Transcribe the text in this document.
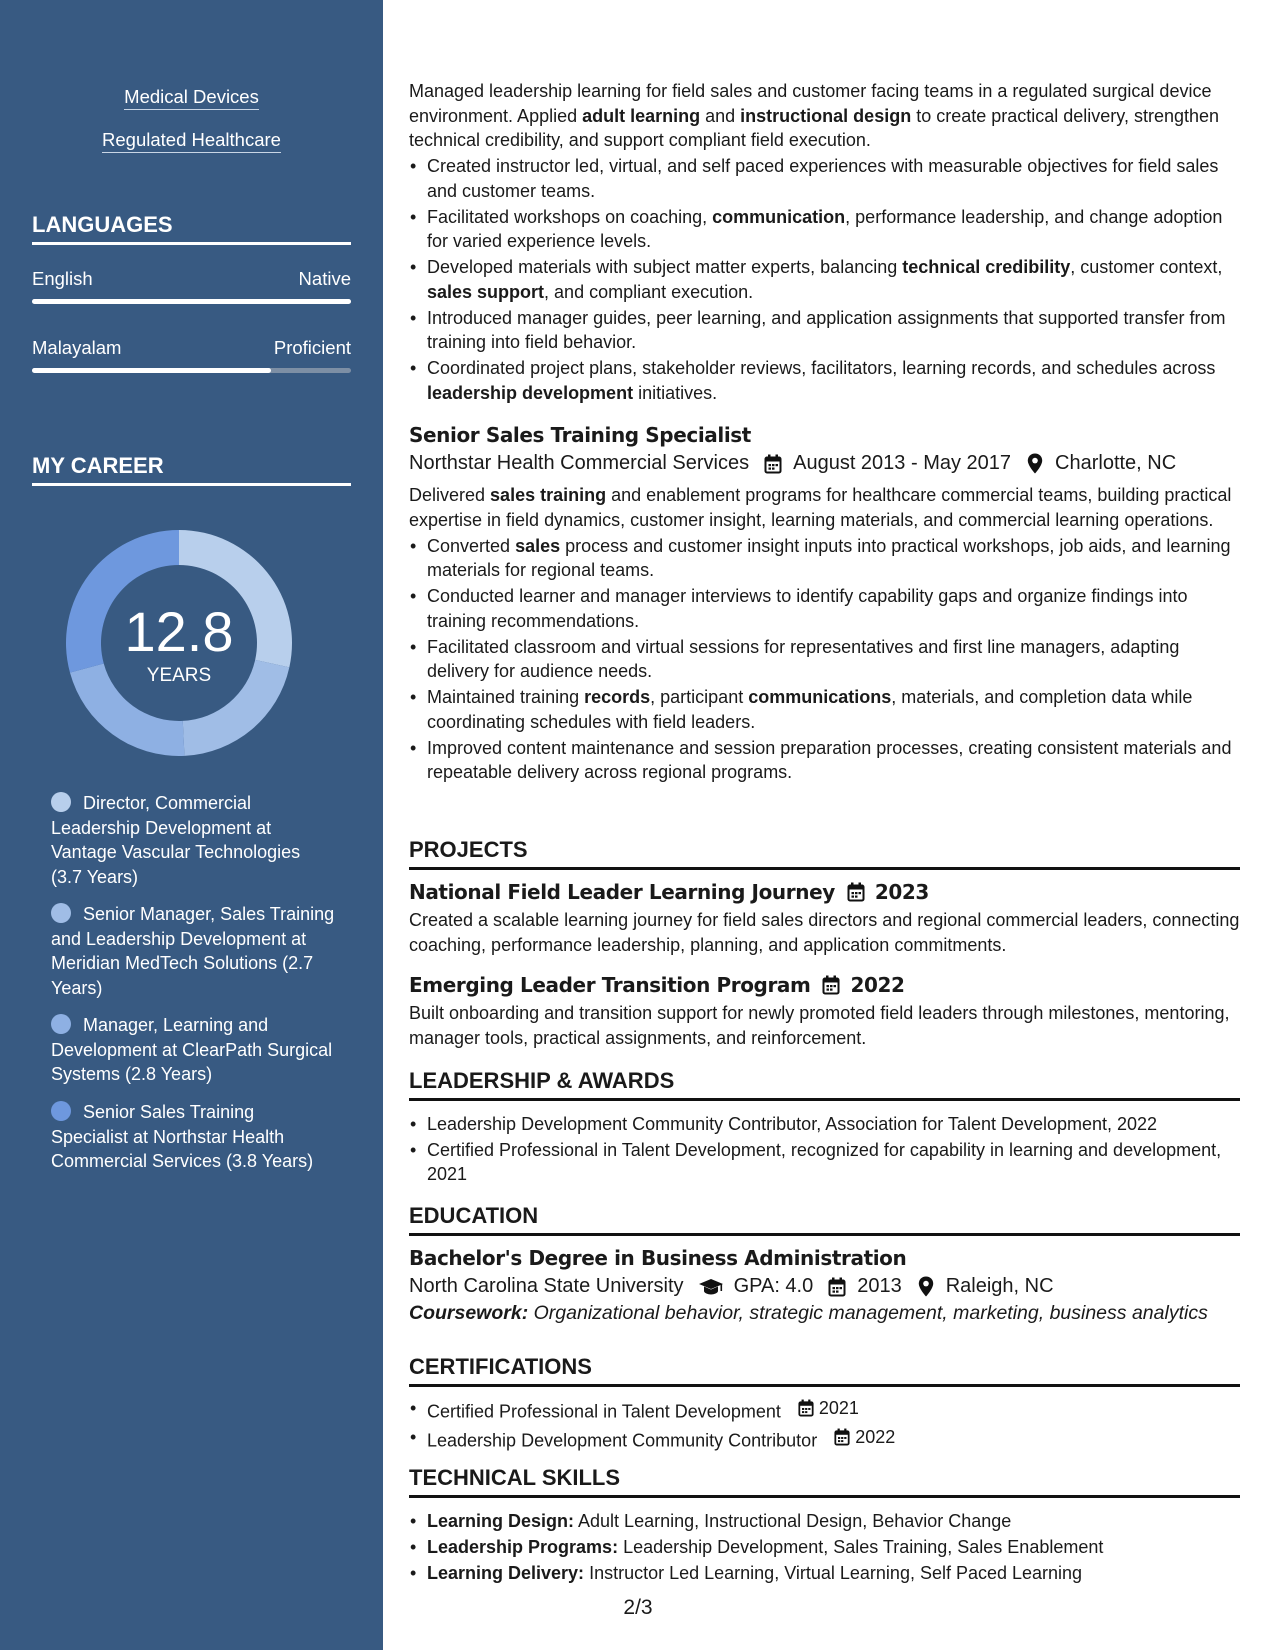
Medical Devices
Regulated Healthcare
LANGUAGES
English	Native
Malayalam	Proficient
MY CAREER
12.8
YEARS
Director, Commercial Leadership Development at Vantage Vascular Technologies (3.7 Years)
Senior Manager, Sales Training and Leadership Development at Meridian MedTech Solutions (2.7 Years)
Manager, Learning and Development at ClearPath Surgical Systems (2.8 Years)
Senior Sales Training Specialist at Northstar Health Commercial Services (3.8 Years)

Managed leadership learning for field sales and customer facing teams in a regulated surgical device environment. Applied adult learning and instructional design to create practical delivery, strengthen technical credibility, and support compliant field execution.

• Created instructor led, virtual, and self paced experiences with measurable objectives for field sales and customer teams.
• Facilitated workshops on coaching, communication, performance leadership, and change adoption for varied experience levels.
• Developed materials with subject matter experts, balancing technical credibility, customer context, sales support, and compliant execution.
• Introduced manager guides, peer learning, and application assignments that supported transfer from training into field behavior.
• Coordinated project plans, stakeholder reviews, facilitators, learning records, and schedules across leadership development initiatives.
Senior Sales Training Specialist
Northstar Health Commercial Services August 2013 - May 2017 Charlotte, NC

Delivered sales training and enablement programs for healthcare commercial teams, building practical expertise in field dynamics, customer insight, learning materials, and commercial learning operations.

• Converted sales process and customer insight inputs into practical workshops, job aids, and learning materials for regional teams.
• Conducted learner and manager interviews to identify capability gaps and organize findings into training recommendations.
• Facilitated classroom and virtual sessions for representatives and first line managers, adapting delivery for audience needs.
• Maintained training records, participant communications, materials, and completion data while coordinating schedules with field leaders.
• Improved content maintenance and session preparation processes, creating consistent materials and repeatable delivery across regional programs.
PROJECTS
National Field Leader Learning Journey 2023

Created a scalable learning journey for field sales directors and regional commercial leaders, connecting coaching, performance leadership, planning, and application commitments.

Emerging Leader Transition Program 2022

Built onboarding and transition support for newly promoted field leaders through milestones, mentoring, manager tools, practical assignments, and reinforcement.

LEADERSHIP & AWARDS
• Leadership Development Community Contributor, Association for Talent Development, 2022
• Certified Professional in Talent Development, recognized for capability in learning and development, 2021
EDUCATION
Bachelor's Degree in Business Administration
North Carolina State University	GPA: 4.0 2013 Raleigh, NC
Coursework: Organizational behavior, strategic management, marketing, business analytics
CERTIFICATIONS
• Certified Professional in Talent Development 2021
• Leadership Development Community Contributor 2022
TECHNICAL SKILLS
• Learning Design: Adult Learning, Instructional Design, Behavior Change
• Leadership Programs: Leadership Development, Sales Training, Sales Enablement
• Learning Delivery: Instructor Led Learning, Virtual Learning, Self Paced Learning
2/3
